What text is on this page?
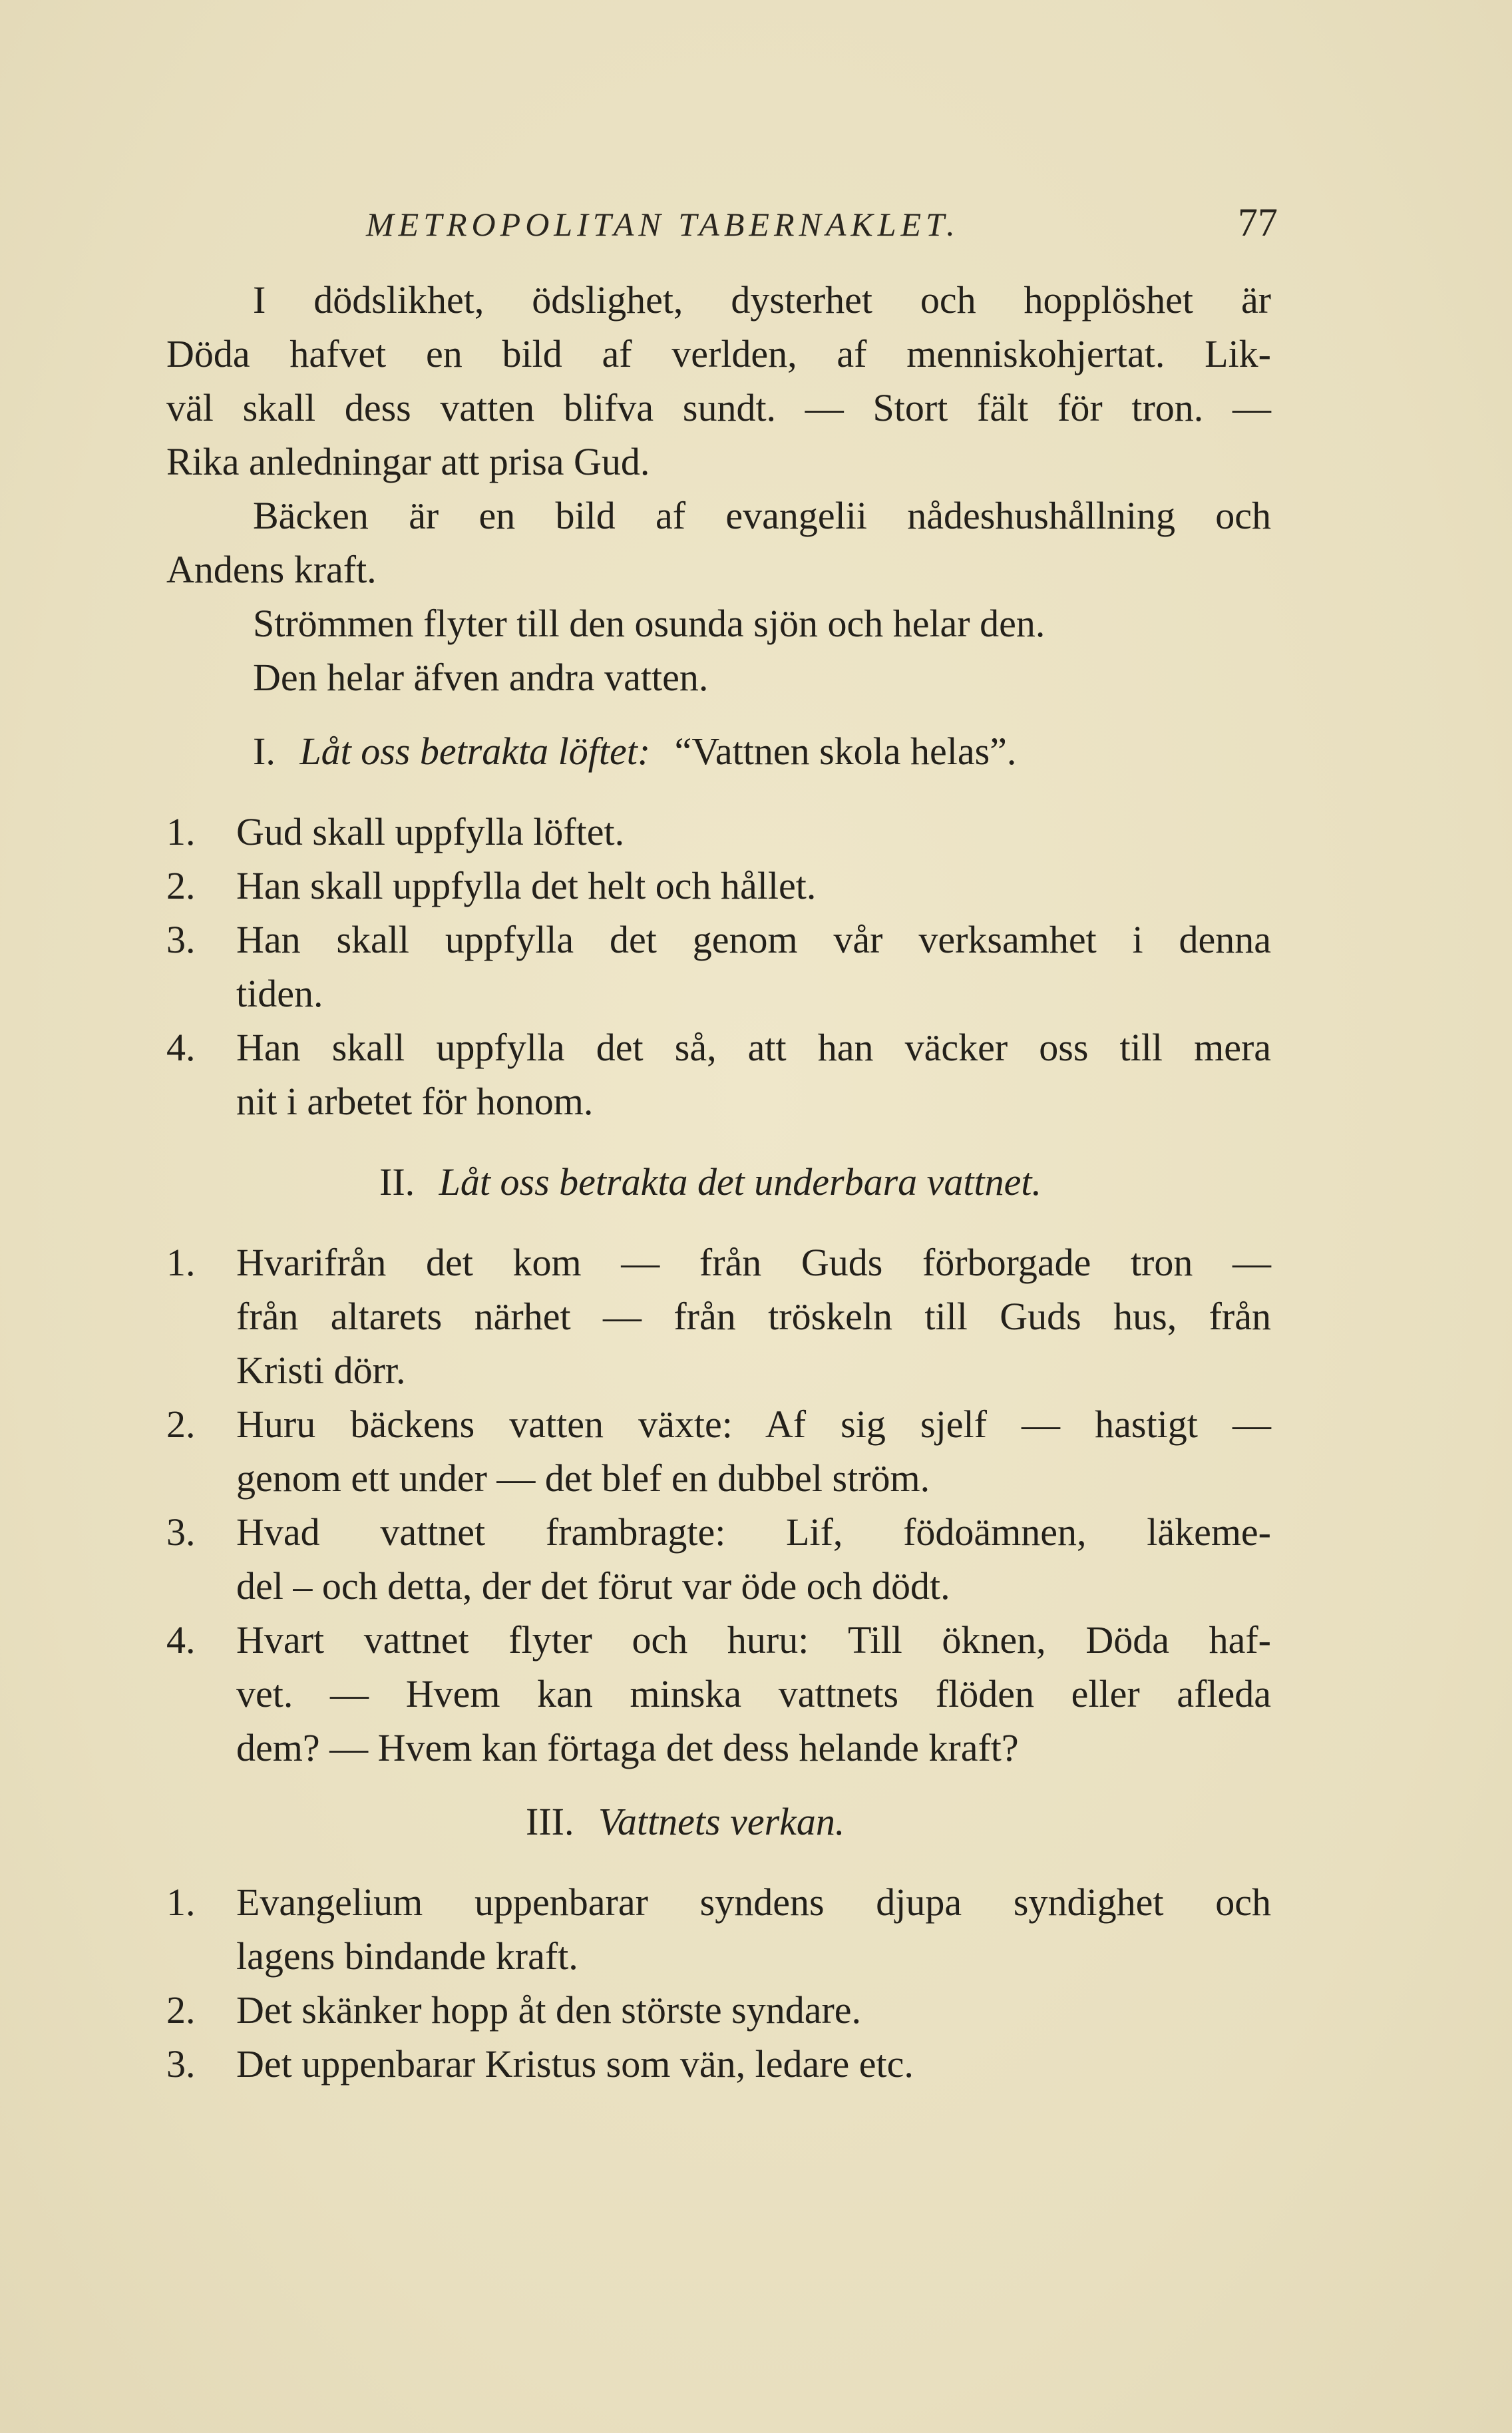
METROPOLITAN TABERNAKLET.	77
I dödslikhet, ödslighet, dysterhet och hopplöshet är
Döda hafvet en bild af verlden, af menniskohjertat. Lik-
väl skall dess vatten blifva sundt. — Stort fält för tron. —
Rika anledningar att prisa Gud.
Bäcken är en bild af evangelii nådeshushållning och
Andens kraft.
Strömmen flyter till den osunda sjön och helar den.
Den helar äfven andra vatten.
I. Låt oss betrakta löftet: “Vattnen skola helas”.
1. Gud skall uppfylla löftet.
2. Han skall uppfylla det helt och hållet.
3. Han skall uppfylla det genom vår verksamhet i denna
tiden.
4. Han skall uppfylla det så, att han väcker oss till mera
nit i arbetet för honom.
II. Låt oss betrakta det underbara vattnet.
1. Hvarifrån det kom — från Guds förborgade tron —
från altarets närhet — från tröskeln till Guds hus, från
Kristi dörr.
2. Huru bäckens vatten växte: Af sig sjelf — hastigt —
genom ett under — det blef en dubbel ström.
3. Hvad vattnet frambragte: Lif, födoämnen, läkeme-
del – och detta, der det förut var öde och dödt.
4. Hvart vattnet flyter och huru: Till öknen, Döda haf-
vet. — Hvem kan minska vattnets flöden eller afleda
dem? — Hvem kan förtaga det dess helande kraft?
III. Vattnets verkan.
1. Evangelium uppenbarar syndens djupa syndighet och
lagens bindande kraft.
2. Det skänker hopp åt den störste syndare.
3. Det uppenbarar Kristus som vän, ledare etc.
